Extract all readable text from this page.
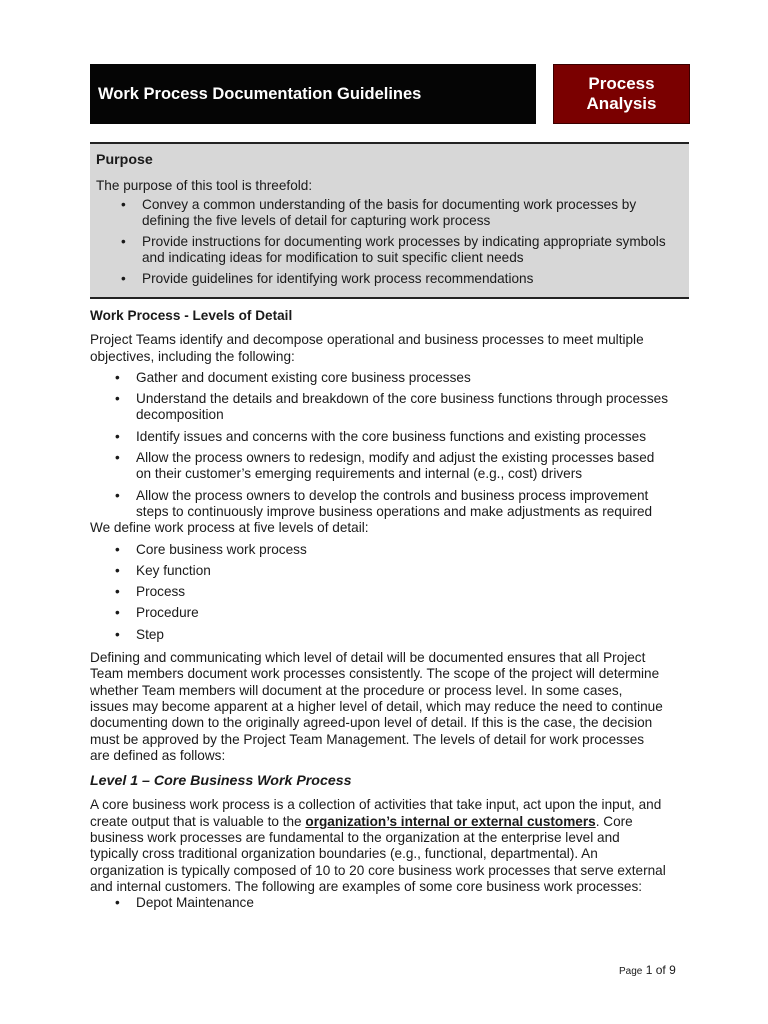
Work Process Documentation Guidelines
Process
Analysis
Purpose

The purpose of this tool is threefold:

• Convey a common understanding of the basis for documenting work processes by
defining the five levels of detail for capturing work process
• Provide instructions for documenting work processes by indicating appropriate symbols
and indicating ideas for modification to suit specific client needs
• Provide guidelines for identifying work process recommendations
Work Process - Levels of Detail

Project Teams identify and decompose operational and business processes to meet multiple
objectives, including the following:

• Gather and document existing core business processes
• Understand the details and breakdown of the core business functions through processes
decomposition
• Identify issues and concerns with the core business functions and existing processes
• Allow the process owners to redesign, modify and adjust the existing processes based
on their customer’s emerging requirements and internal (e.g., cost) drivers
• Allow the process owners to develop the controls and business process improvement
steps to continuously improve business operations and make adjustments as required

We define work process at five levels of detail:

• Core business work process
• Key function
• Process
• Procedure
• Step

Defining and communicating which level of detail will be documented ensures that all Project
Team members document work processes consistently. The scope of the project will determine
whether Team members will document at the procedure or process level. In some cases,
issues may become apparent at a higher level of detail, which may reduce the need to continue
documenting down to the originally agreed-upon level of detail. If this is the case, the decision
must be approved by the Project Team Management. The levels of detail for work processes
are defined as follows:

Level 1 – Core Business Work Process

A core business work process is a collection of activities that take input, act upon the input, and
create output that is valuable to the organization’s internal or external customers. Core
business work processes are fundamental to the organization at the enterprise level and
typically cross traditional organization boundaries (e.g., functional, departmental). An
organization is typically composed of 10 to 20 core business work processes that serve external
and internal customers. The following are examples of some core business work processes:

• Depot Maintenance
Page 1 of 9
